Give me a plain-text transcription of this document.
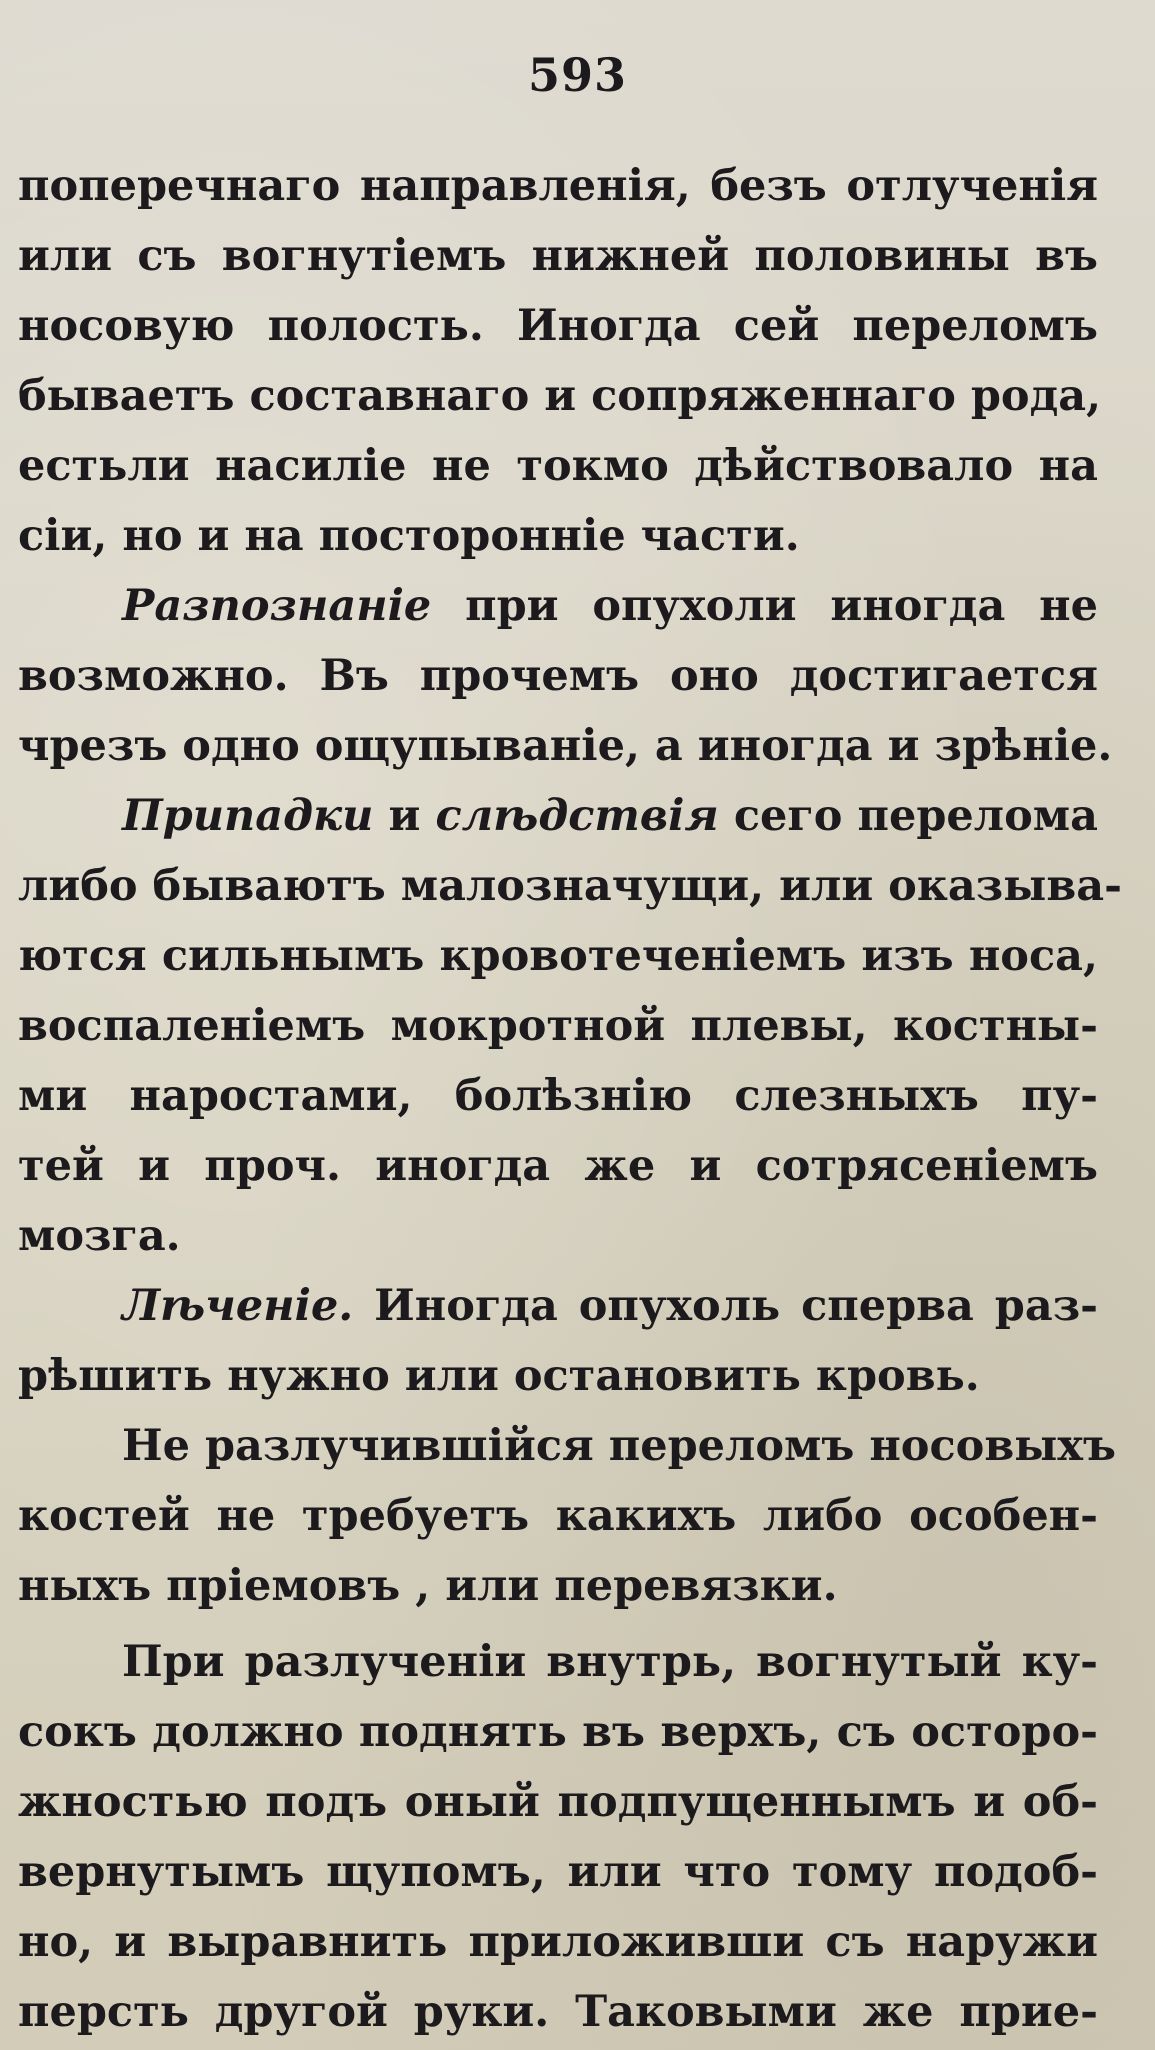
593
поперечнаго направленія, безъ отлученія
или съ вогнутіемъ нижней половины въ
носовую полость. Иногда сей переломъ
бываетъ составнаго и сопряженнаго рода,
естьли насиліе не токмо дѣйствовало на
сіи, но и на посторонніе части.
Разпознаніе при опухоли иногда не
возможно. Въ прочемъ оно достигается
чрезъ одно ощупываніе, а иногда и зрѣніе.
Припадки и слѣдствія сего перелома
либо бываютъ малозначущи, или оказыва-
ются сильнымъ кровотеченіемъ изъ носа,
воспаленіемъ мокротной плевы, костны-
ми наростами, болѣзнію слезныхъ пу-
тей и проч. иногда же и сотрясеніемъ
мозга.
Лѣченіе. Иногда опухоль сперва раз-
рѣшить нужно или остановить кровь.
Не разлучившійся переломъ носовыхъ
костей не требуетъ какихъ либо особен-
ныхъ пріемовъ , или перевязки.
При разлученіи внутрь, вогнутый ку-
сокъ должно поднять въ верхъ, съ осторо-
жностью подъ оный подпущеннымъ и об-
вернутымъ щупомъ, или что тому подоб-
но, и выравнить приложивши съ наружи
персть другой руки. Таковыми же прие-
